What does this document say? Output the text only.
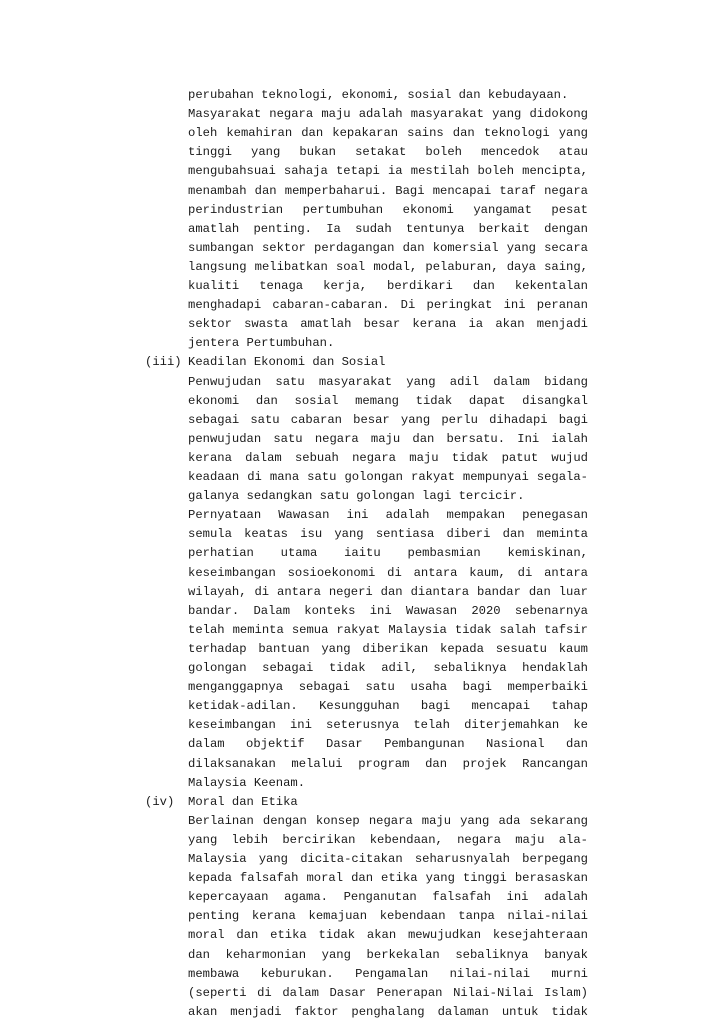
perubahan teknologi, ekonomi, sosial dan kebudayaan.
Masyarakat negara maju adalah masyarakat yang didokong
oleh kemahiran dan kepakaran sains dan teknologi yang
tinggi yang bukan setakat boleh mencedok atau
mengubahsuai sahaja tetapi ia mestilah boleh mencipta,
menambah dan memperbaharui. Bagi mencapai taraf negara
perindustrian pertumbuhan ekonomi yangamat pesat
amatlah penting. Ia sudah tentunya berkait dengan
sumbangan sektor perdagangan dan komersial yang secara
langsung melibatkan soal modal, pelaburan, daya saing,
kualiti tenaga kerja, berdikari dan kekentalan
menghadapi cabaran-cabaran. Di peringkat ini peranan
sektor swasta amatlah besar kerana ia akan menjadi
jentera Pertumbuhan.
(iii) Keadilan Ekonomi dan Sosial
Penwujudan satu masyarakat yang adil dalam bidang
ekonomi dan sosial memang tidak dapat disangkal
sebagai satu cabaran besar yang perlu dihadapi bagi
penwujudan satu negara maju dan bersatu. Ini ialah
kerana dalam sebuah negara maju tidak patut wujud
keadaan di mana satu golongan rakyat mempunyai segala-
galanya sedangkan satu golongan lagi tercicir.
Pernyataan Wawasan ini adalah mempakan penegasan
semula keatas isu yang sentiasa diberi dan meminta
perhatian utama iaitu pembasmian kemiskinan,
keseimbangan sosioekonomi di antara kaum, di antara
wilayah, di antara negeri dan diantara bandar dan luar
bandar. Dalam konteks ini Wawasan 2020 sebenarnya
telah meminta semua rakyat Malaysia tidak salah tafsir
terhadap bantuan yang diberikan kepada sesuatu kaum
golongan sebagai tidak adil, sebaliknya hendaklah
menganggapnya sebagai satu usaha bagi memperbaiki
ketidak-adilan. Kesungguhan bagi mencapai tahap
keseimbangan ini seterusnya telah diterjemahkan ke
dalam objektif Dasar Pembangunan Nasional dan
dilaksanakan melalui program dan projek Rancangan
Malaysia Keenam.
(iv) Moral dan Etika
Berlainan dengan konsep negara maju yang ada sekarang
yang lebih bercirikan kebendaan, negara maju ala-
Malaysia yang dicita-citakan seharusnyalah berpegang
kepada falsafah moral dan etika yang tinggi berasaskan
kepercayaan agama. Penganutan falsafah ini adalah
penting kerana kemajuan kebendaan tanpa nilai-nilai
moral dan etika tidak akan mewujudkan kesejahteraan
dan keharmonian yang berkekalan sebaliknya banyak
membawa keburukan. Pengamalan nilai-nilai murni
(seperti di dalam Dasar Penerapan Nilai-Nilai Islam)
akan menjadi faktor penghalang dalaman untuk tidak
